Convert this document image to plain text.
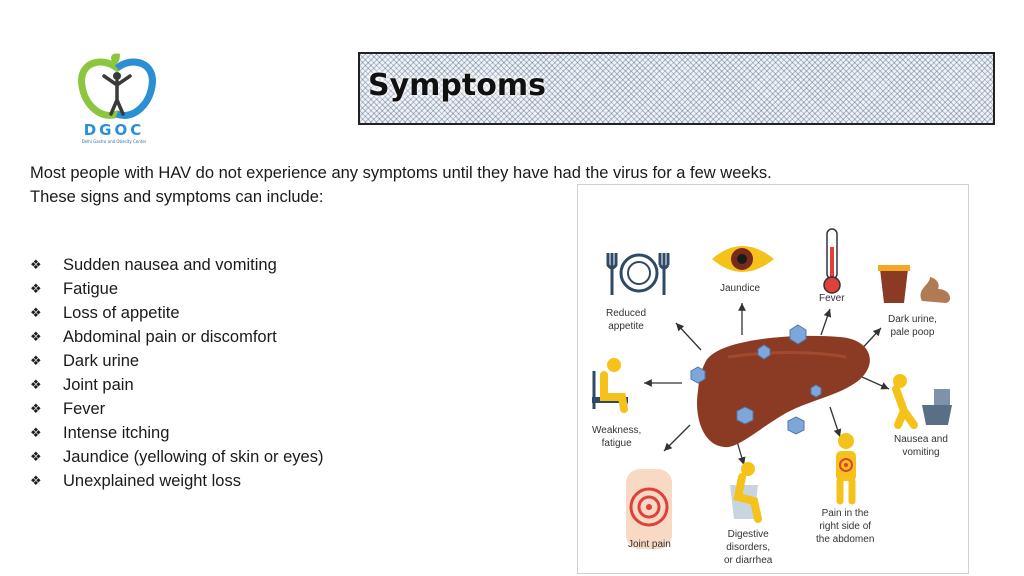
DGOC
Delhi Gastro and Obesity Center
Symptoms
Most people with HAV do not experience any symptoms until they have had the virus for a few weeks.
These signs and symptoms can include:
❖	Sudden nausea and vomiting
❖	Fatigue
❖	Loss of appetite
❖	Abdominal pain or discomfort
❖	Dark urine
❖	Joint pain
❖	Fever
❖	Intense itching
❖	Jaundice (yellowing of skin or eyes)
❖	Unexplained weight loss
Reduced
appetite
Jaundice
Fever
Dark urine,
pale poop
Weakness,
fatigue	Nausea and
vomiting
Joint pain
Digestive
disorders,
or diarrhea
Pain in the
right side of
the abdomen
